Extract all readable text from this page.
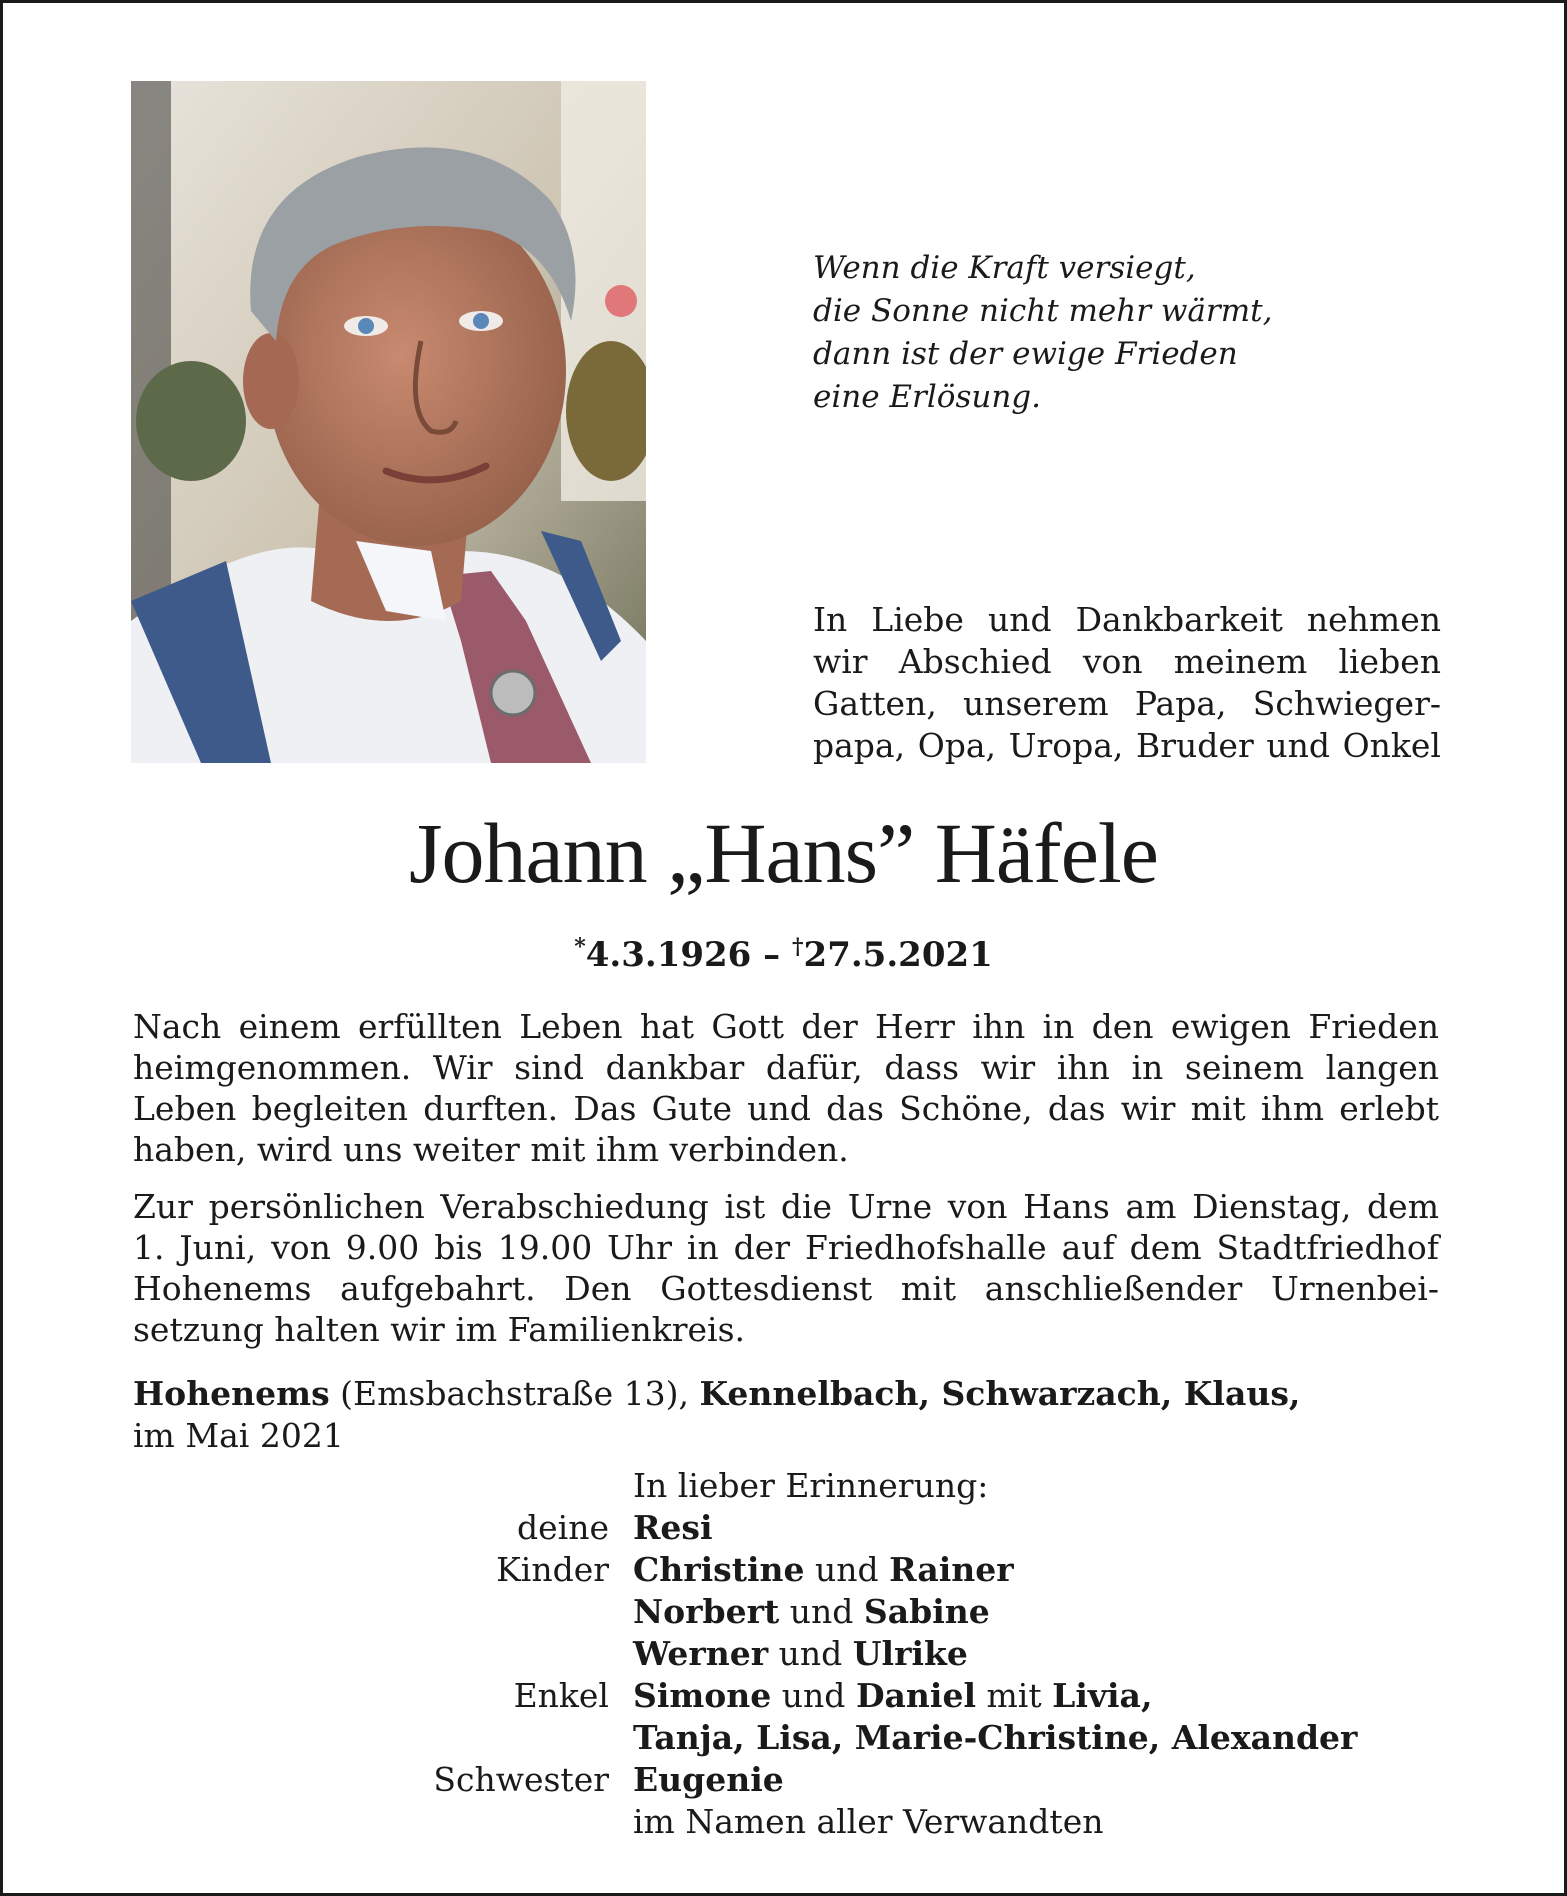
Wenn die Kraft versiegt,
die Sonne nicht mehr wärmt,
dann ist der ewige Frieden
eine Erlösung.
In Liebe und Dankbarkeit nehmen
wir Abschied von meinem lieben
Gatten, unserem Papa, Schwieger-
papa, Opa, Uropa, Bruder und Onkel
Johann „Hans” Häfele
*4.3.1926 – †27.5.2021
Nach einem erfüllten Leben hat Gott der Herr ihn in den ewigen Frieden
heimgenommen. Wir sind dankbar dafür, dass wir ihn in seinem langen
Leben begleiten durften. Das Gute und das Schöne, das wir mit ihm erlebt
haben, wird uns weiter mit ihm verbinden.
Zur persönlichen Verabschiedung ist die Urne von Hans am Dienstag, dem
1. Juni, von 9.00 bis 19.00 Uhr in der Friedhofshalle auf dem Stadtfriedhof
Hohenems aufgebahrt. Den Gottesdienst mit anschließender Urnenbei-
setzung halten wir im Familienkreis.
Hohenems (Emsbachstraße 13), Kennelbach, Schwarzach, Klaus,
im Mai 2021
In lieber Erinnerung:
deine Resi
Kinder Christine und Rainer
Norbert und Sabine
Werner und Ulrike
Enkel Simone und Daniel mit Livia,
Tanja, Lisa, Marie-Christine, Alexander
Schwester Eugenie
im Namen aller Verwandten
